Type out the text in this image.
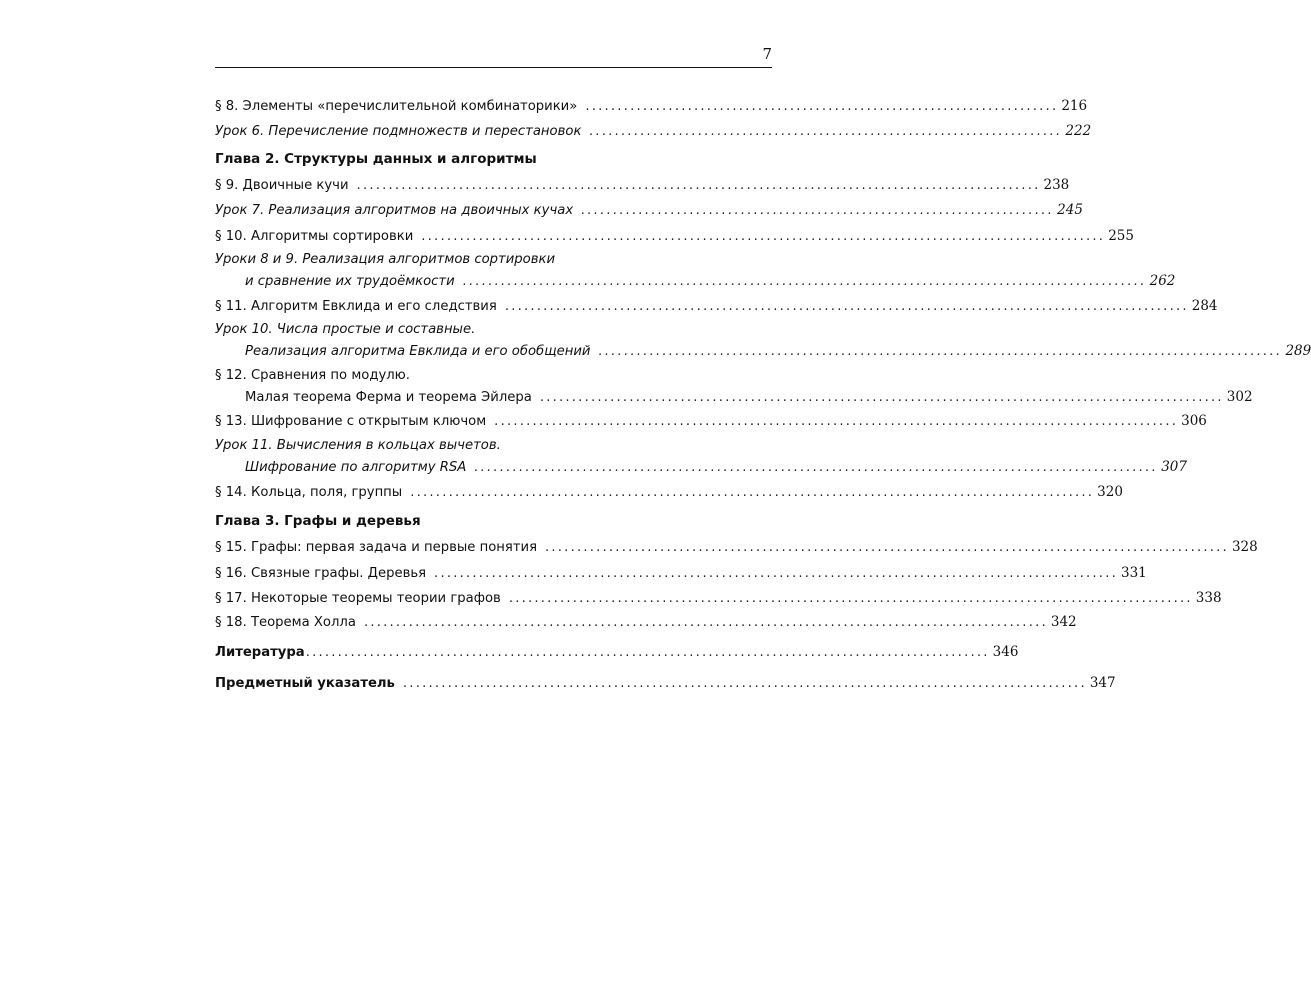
7
§ 8. Элементы «перечислительной комбинаторики» .......................................................................... 216
Урок 6. Перечисление подмножеств и перестановок .......................................................................... 222
Глава 2. Структуры данных и алгоритмы
§ 9. Двоичные кучи ........................................................................................................... 238
Урок 7. Реализация алгоритмов на двоичных кучах .......................................................................... 245
§ 10. Алгоритмы сортировки ........................................................................................................... 255
Уроки 8 и 9. Реализация алгоритмов сортировки
и сравнение их трудоёмкости ........................................................................................................... 262
§ 11. Алгоритм Евклида и его следствия ........................................................................................................... 284
Урок 10. Числа простые и составные.
Реализация алгоритма Евклида и его обобщений ........................................................................................................... 289
§ 12. Сравнения по модулю.
Малая теорема Ферма и теорема Эйлера ........................................................................................................... 302
§ 13. Шифрование с открытым ключом ........................................................................................................... 306
Урок 11. Вычисления в кольцах вычетов.
Шифрование по алгоритму RSA ........................................................................................................... 307
§ 14. Кольца, поля, группы ........................................................................................................... 320
Глава 3. Графы и деревья
§ 15. Графы: первая задача и первые понятия ........................................................................................................... 328
§ 16. Связные графы. Деревья ........................................................................................................... 331
§ 17. Некоторые теоремы теории графов ........................................................................................................... 338
§ 18. Теорема Холла ........................................................................................................... 342
Литература ........................................................................................................... 346
Предметный указатель ........................................................................................................... 347
